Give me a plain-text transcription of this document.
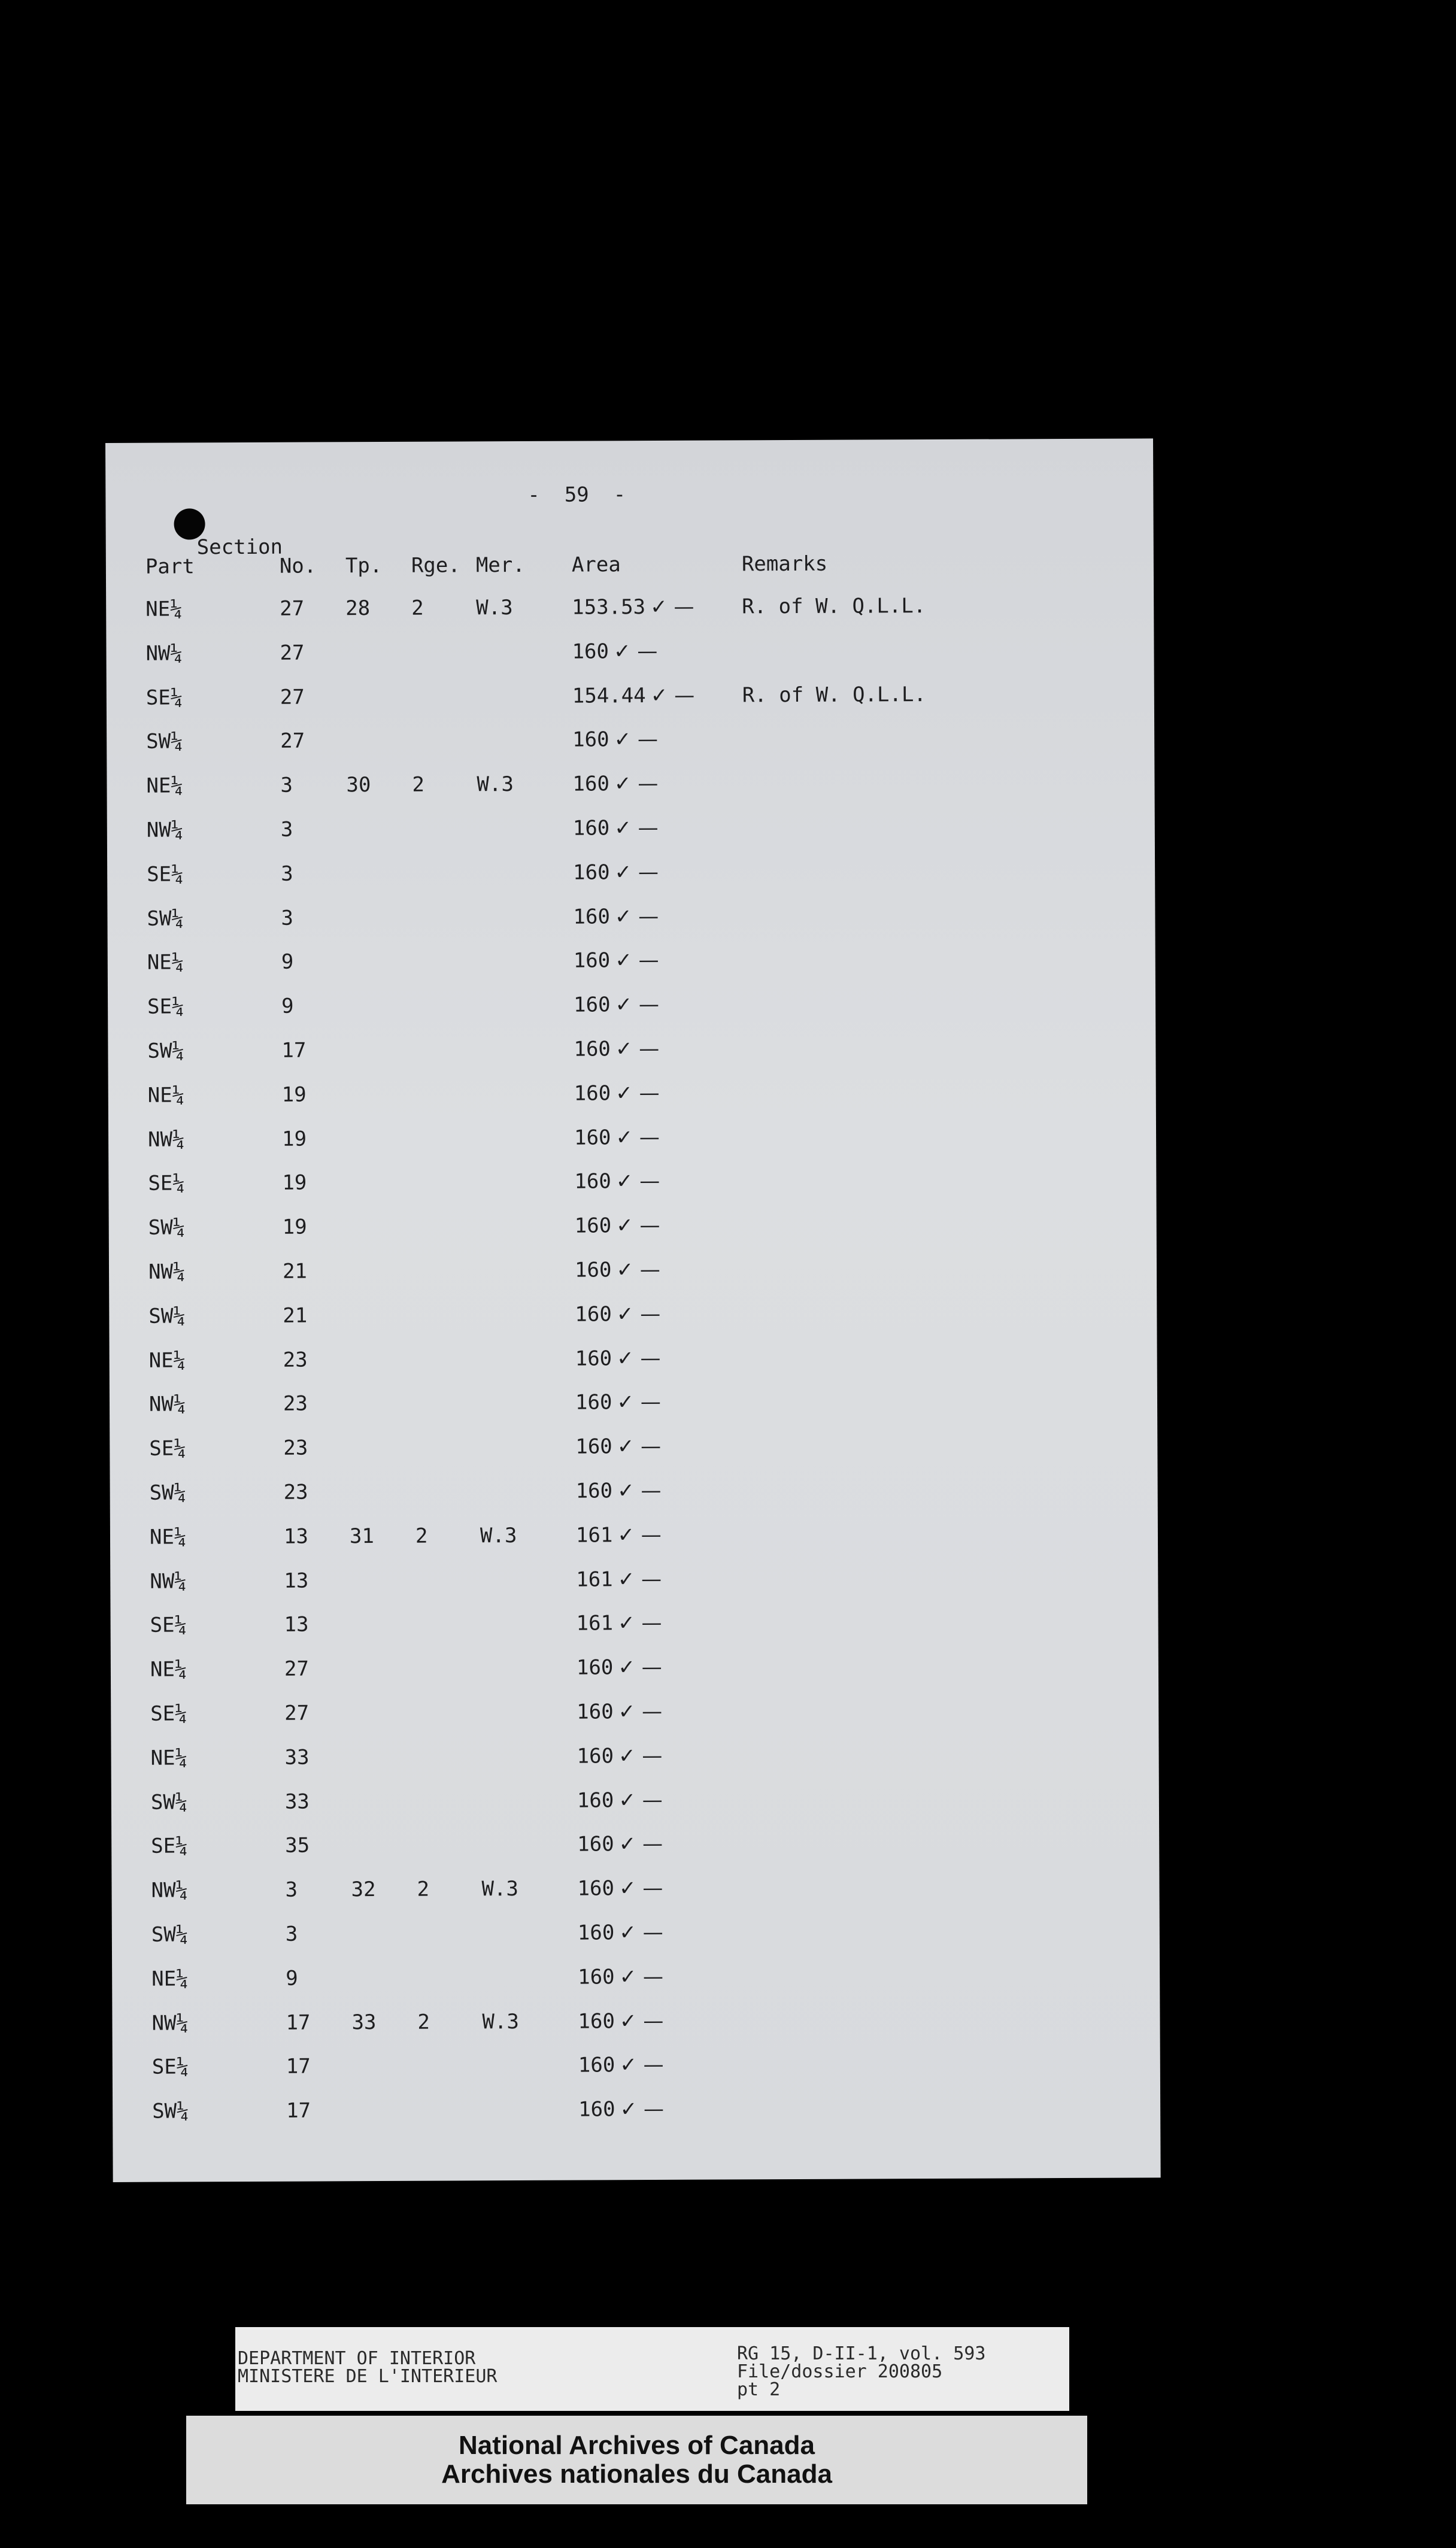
-  59  -
Section
Part	No. Tp. Rge. Mer. Area	Remarks
NE¼	27 28 2	W.3	153.53 ✓ — R. of W. Q.L.L.
NW¼	27	160 ✓ —
SE¼	27	154.44 ✓ — R. of W. Q.L.L.
SW¼	27	160 ✓ —
NE¼	3	30 2	W.3	160 ✓ —
NW¼	3	160 ✓ —
SE¼	3	160 ✓ —
SW¼	3	160 ✓ —
NE¼	9	160 ✓ —
SE¼	9	160 ✓ —
SW¼	17	160 ✓ —
NE¼	19	160 ✓ —
NW¼	19	160 ✓ —
SE¼	19	160 ✓ —
SW¼	19	160 ✓ —
NW¼	21	160 ✓ —
SW¼	21	160 ✓ —
NE¼	23	160 ✓ —
NW¼	23	160 ✓ —
SE¼	23	160 ✓ —
SW¼	23	160 ✓ —
NE¼	13 31 2	W.3	161 ✓ —
NW¼	13	161 ✓ —
SE¼	13	161 ✓ —
NE¼	27	160 ✓ —
SE¼	27	160 ✓ —
NE¼	33	160 ✓ —
SW¼	33	160 ✓ —
SE¼	35	160 ✓ —
NW¼	3	32 2	W.3	160 ✓ —
SW¼	3	160 ✓ —
NE¼	9	160 ✓ —
NW¼	17 33 2	W.3	160 ✓ —
SE¼	17	160 ✓ —
SW¼	17	160 ✓ —
DEPARTMENT OF INTERIOR
MINISTERE DE L'INTERIEUR
RG 15, D-II-1, vol. 593
File/dossier 200805
pt 2
National Archives of Canada
Archives nationales du Canada
